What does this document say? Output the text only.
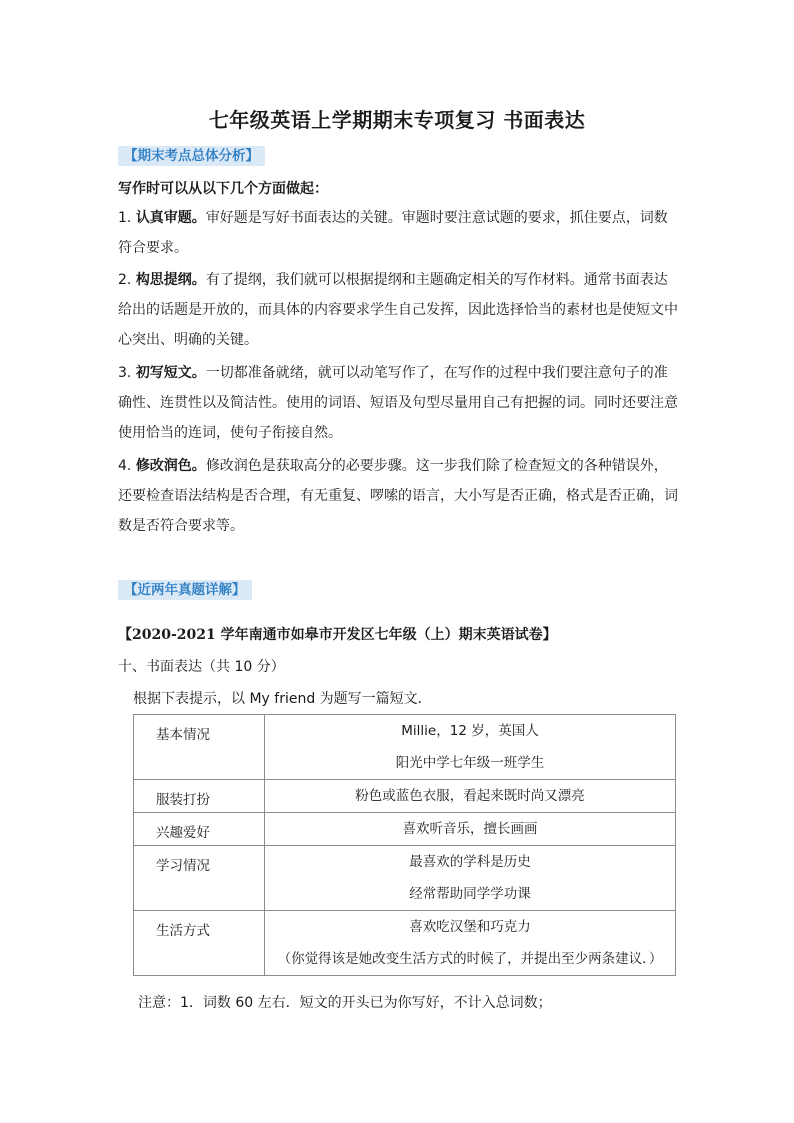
七年级英语上学期期末专项复习 书面表达
【期末考点总体分析】
写作时可以从以下几个方面做起：
1. 认真审题。审好题是写好书面表达的关键。审题时要注意试题的要求，抓住要点，词数符合要求。
2. 构思提纲。有了提纲，我们就可以根据提纲和主题确定相关的写作材料。通常书面表达给出的话题是开放的，而具体的内容要求学生自己发挥，因此选择恰当的素材也是使短文中心突出、明确的关键。
3. 初写短文。一切都准备就绪，就可以动笔写作了，在写作的过程中我们要注意句子的准确性、连贯性以及简洁性。使用的词语、短语及句型尽量用自己有把握的词。同时还要注意使用恰当的连词，使句子衔接自然。
4. 修改润色。修改润色是获取高分的必要步骤。这一步我们除了检查短文的各种错误外，还要检查语法结构是否合理，有无重复、啰嗦的语言，大小写是否正确，格式是否正确，词数是否符合要求等。
【近两年真题详解】
【2020-2021 学年南通市如皋市开发区七年级（上）期末英语试卷】
十、书面表达（共 10 分）
根据下表提示，以 My friend 为题写一篇短文．
基本情况	Millie，12 岁，英国人
阳光中学七年级一班学生

服装打扮	粉色或蓝色衣服，看起来既时尚又漂亮

兴趣爱好	喜欢听音乐，擅长画画

学习情况	最喜欢的学科是历史
经常帮助同学学功课

生活方式	喜欢吃汉堡和巧克力
（你觉得该是她改变生活方式的时候了，并提出至少两条建议．）
注意：1．词数 60 左右．短文的开头已为你写好，不计入总词数；
